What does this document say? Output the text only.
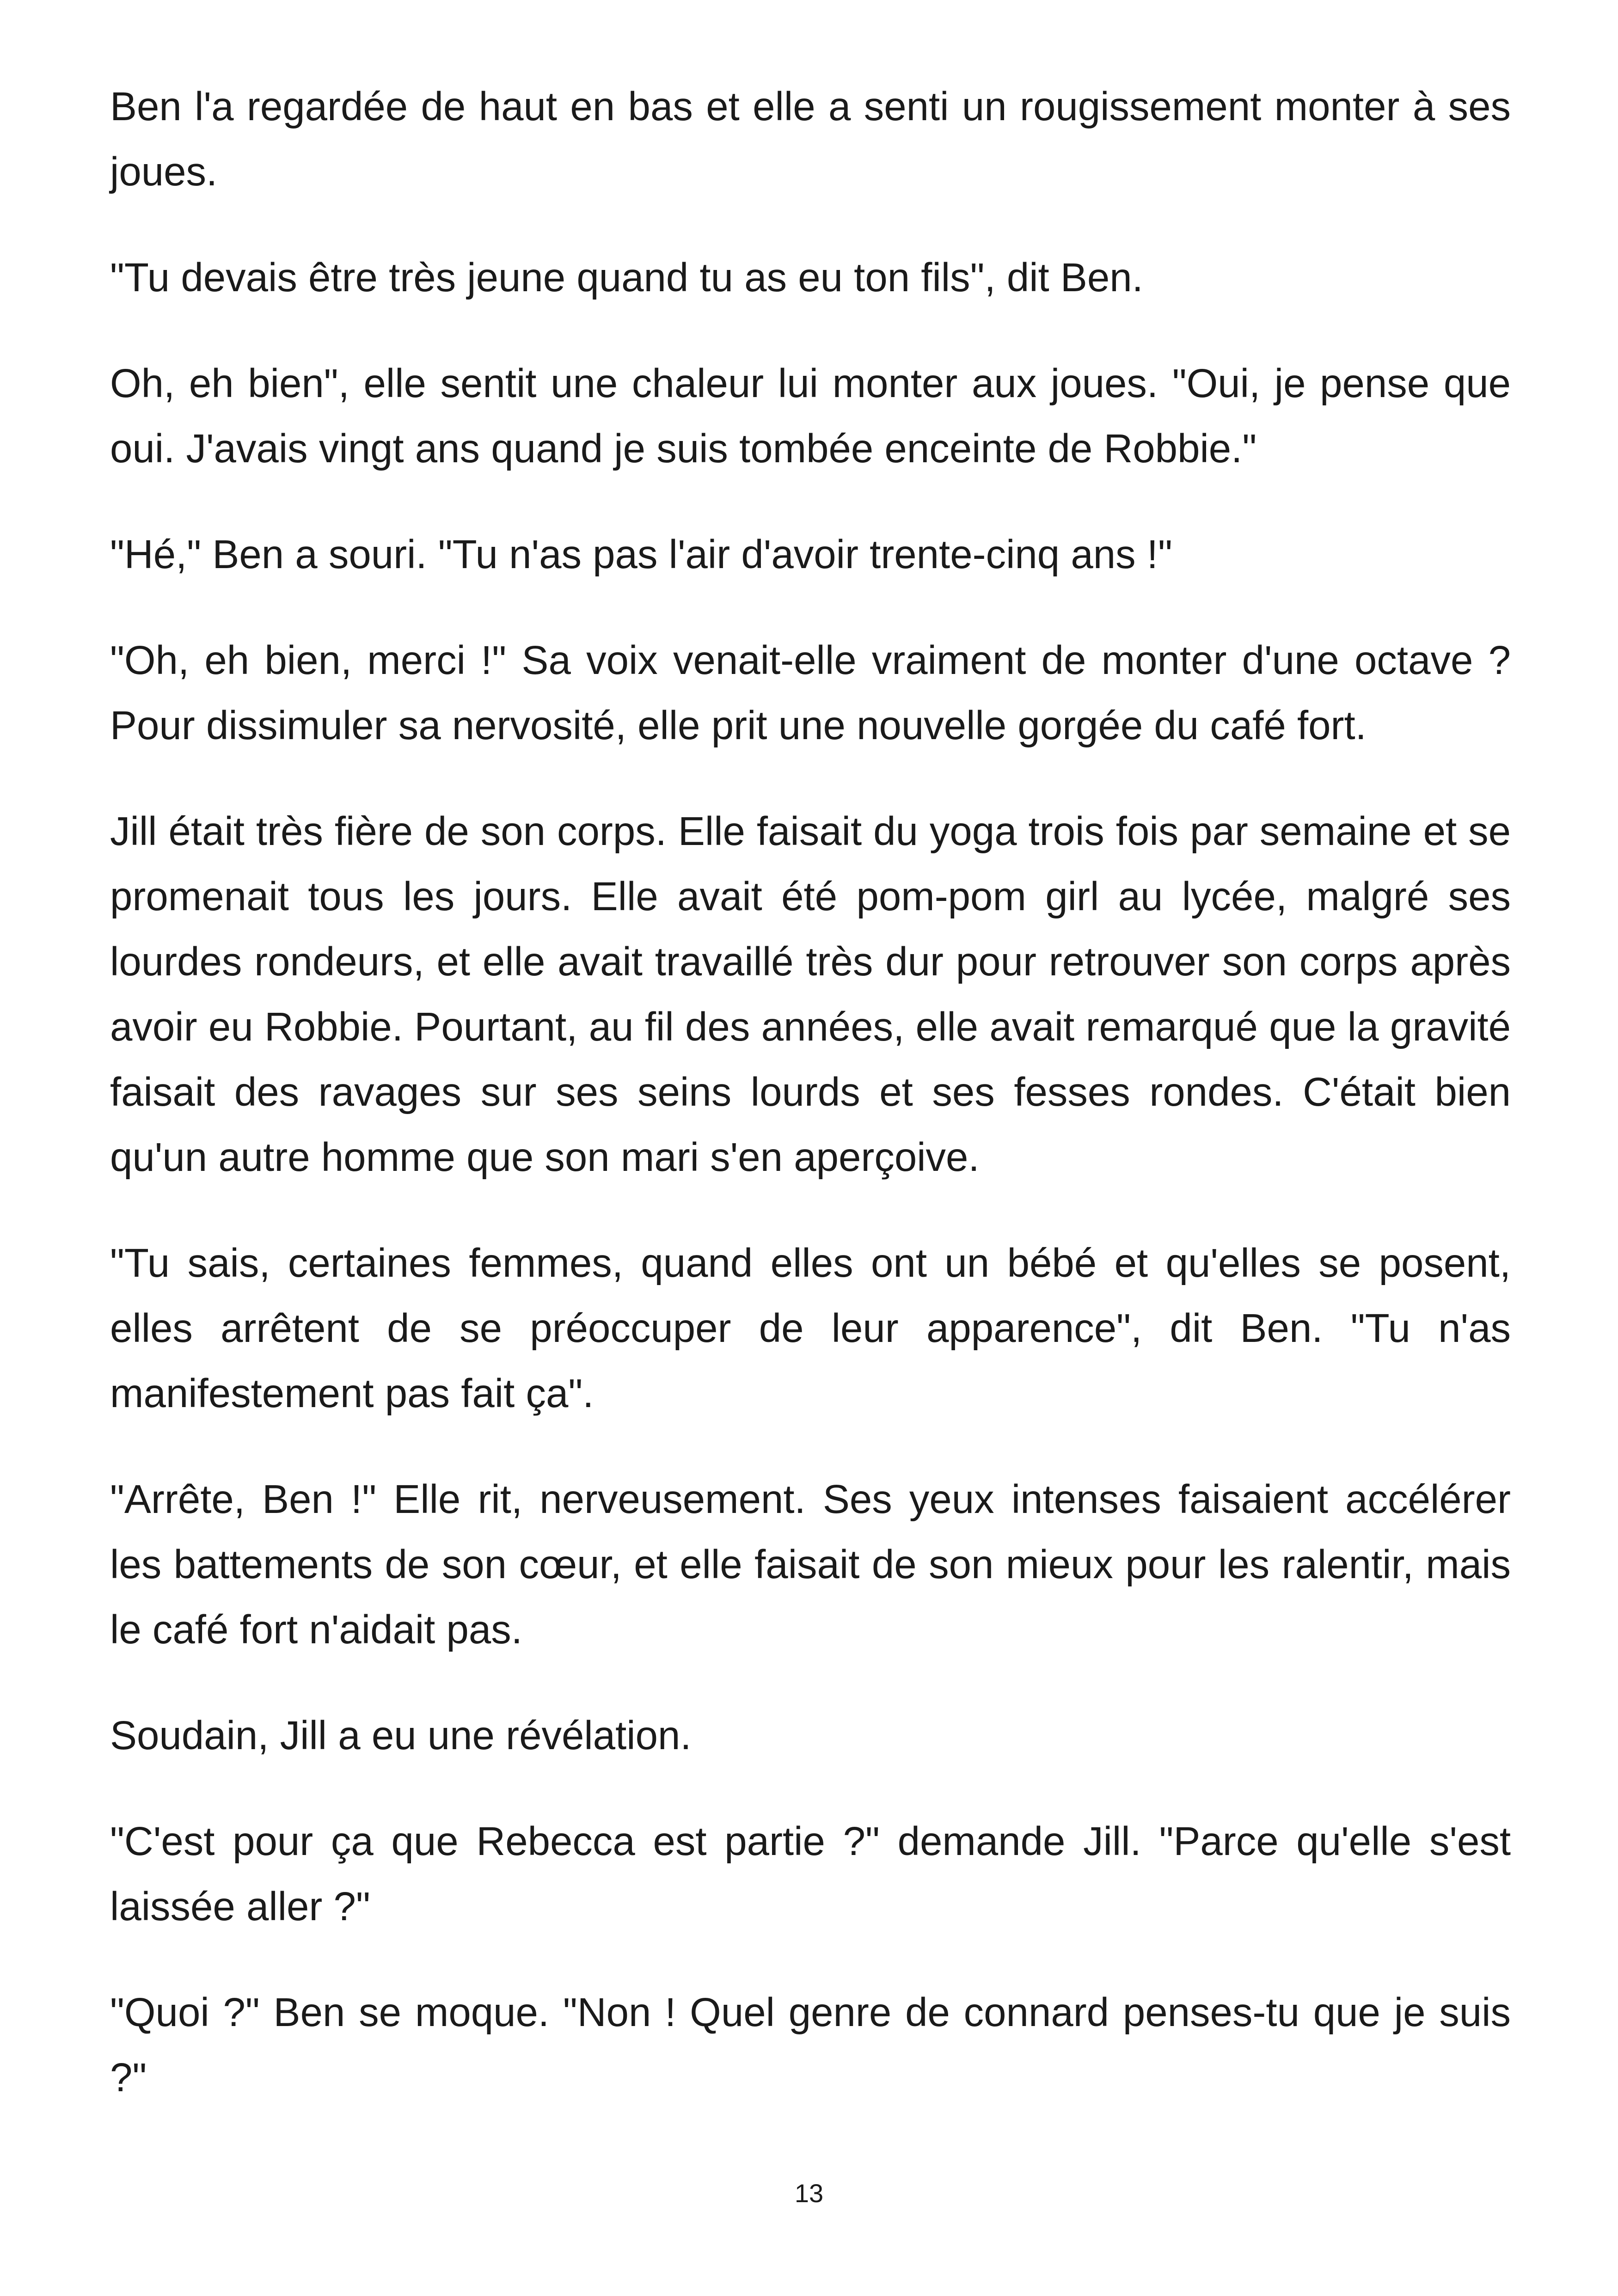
Ben l'a regardée de haut en bas et elle a senti un rougissement monter à ses joues.

"Tu devais être très jeune quand tu as eu ton fils", dit Ben.

Oh, eh bien", elle sentit une chaleur lui monter aux joues. "Oui, je pense que oui. J'avais vingt ans quand je suis tombée enceinte de Robbie."

"Hé," Ben a souri. "Tu n'as pas l'air d'avoir trente-cinq ans !"

"Oh, eh bien, merci !" Sa voix venait-elle vraiment de monter d'une octave ? Pour dissimuler sa nervosité, elle prit une nouvelle gorgée du café fort.

Jill était très fière de son corps. Elle faisait du yoga trois fois par semaine et se promenait tous les jours. Elle avait été pom-pom girl au lycée, malgré ses lourdes rondeurs, et elle avait travaillé très dur pour retrouver son corps après avoir eu Robbie. Pourtant, au fil des années, elle avait remarqué que la gravité faisait des ravages sur ses seins lourds et ses fesses rondes. C'était bien qu'un autre homme que son mari s'en aperçoive.

"Tu sais, certaines femmes, quand elles ont un bébé et qu'elles se posent, elles arrêtent de se préoccuper de leur apparence", dit Ben. "Tu n'as manifestement pas fait ça".

"Arrête, Ben !" Elle rit, nerveusement. Ses yeux intenses faisaient accélérer les battements de son cœur, et elle faisait de son mieux pour les ralentir, mais le café fort n'aidait pas.

Soudain, Jill a eu une révélation.

"C'est pour ça que Rebecca est partie ?" demande Jill. "Parce qu'elle s'est laissée aller ?"

"Quoi ?" Ben se moque. "Non ! Quel genre de connard penses-tu que je suis ?"

13
